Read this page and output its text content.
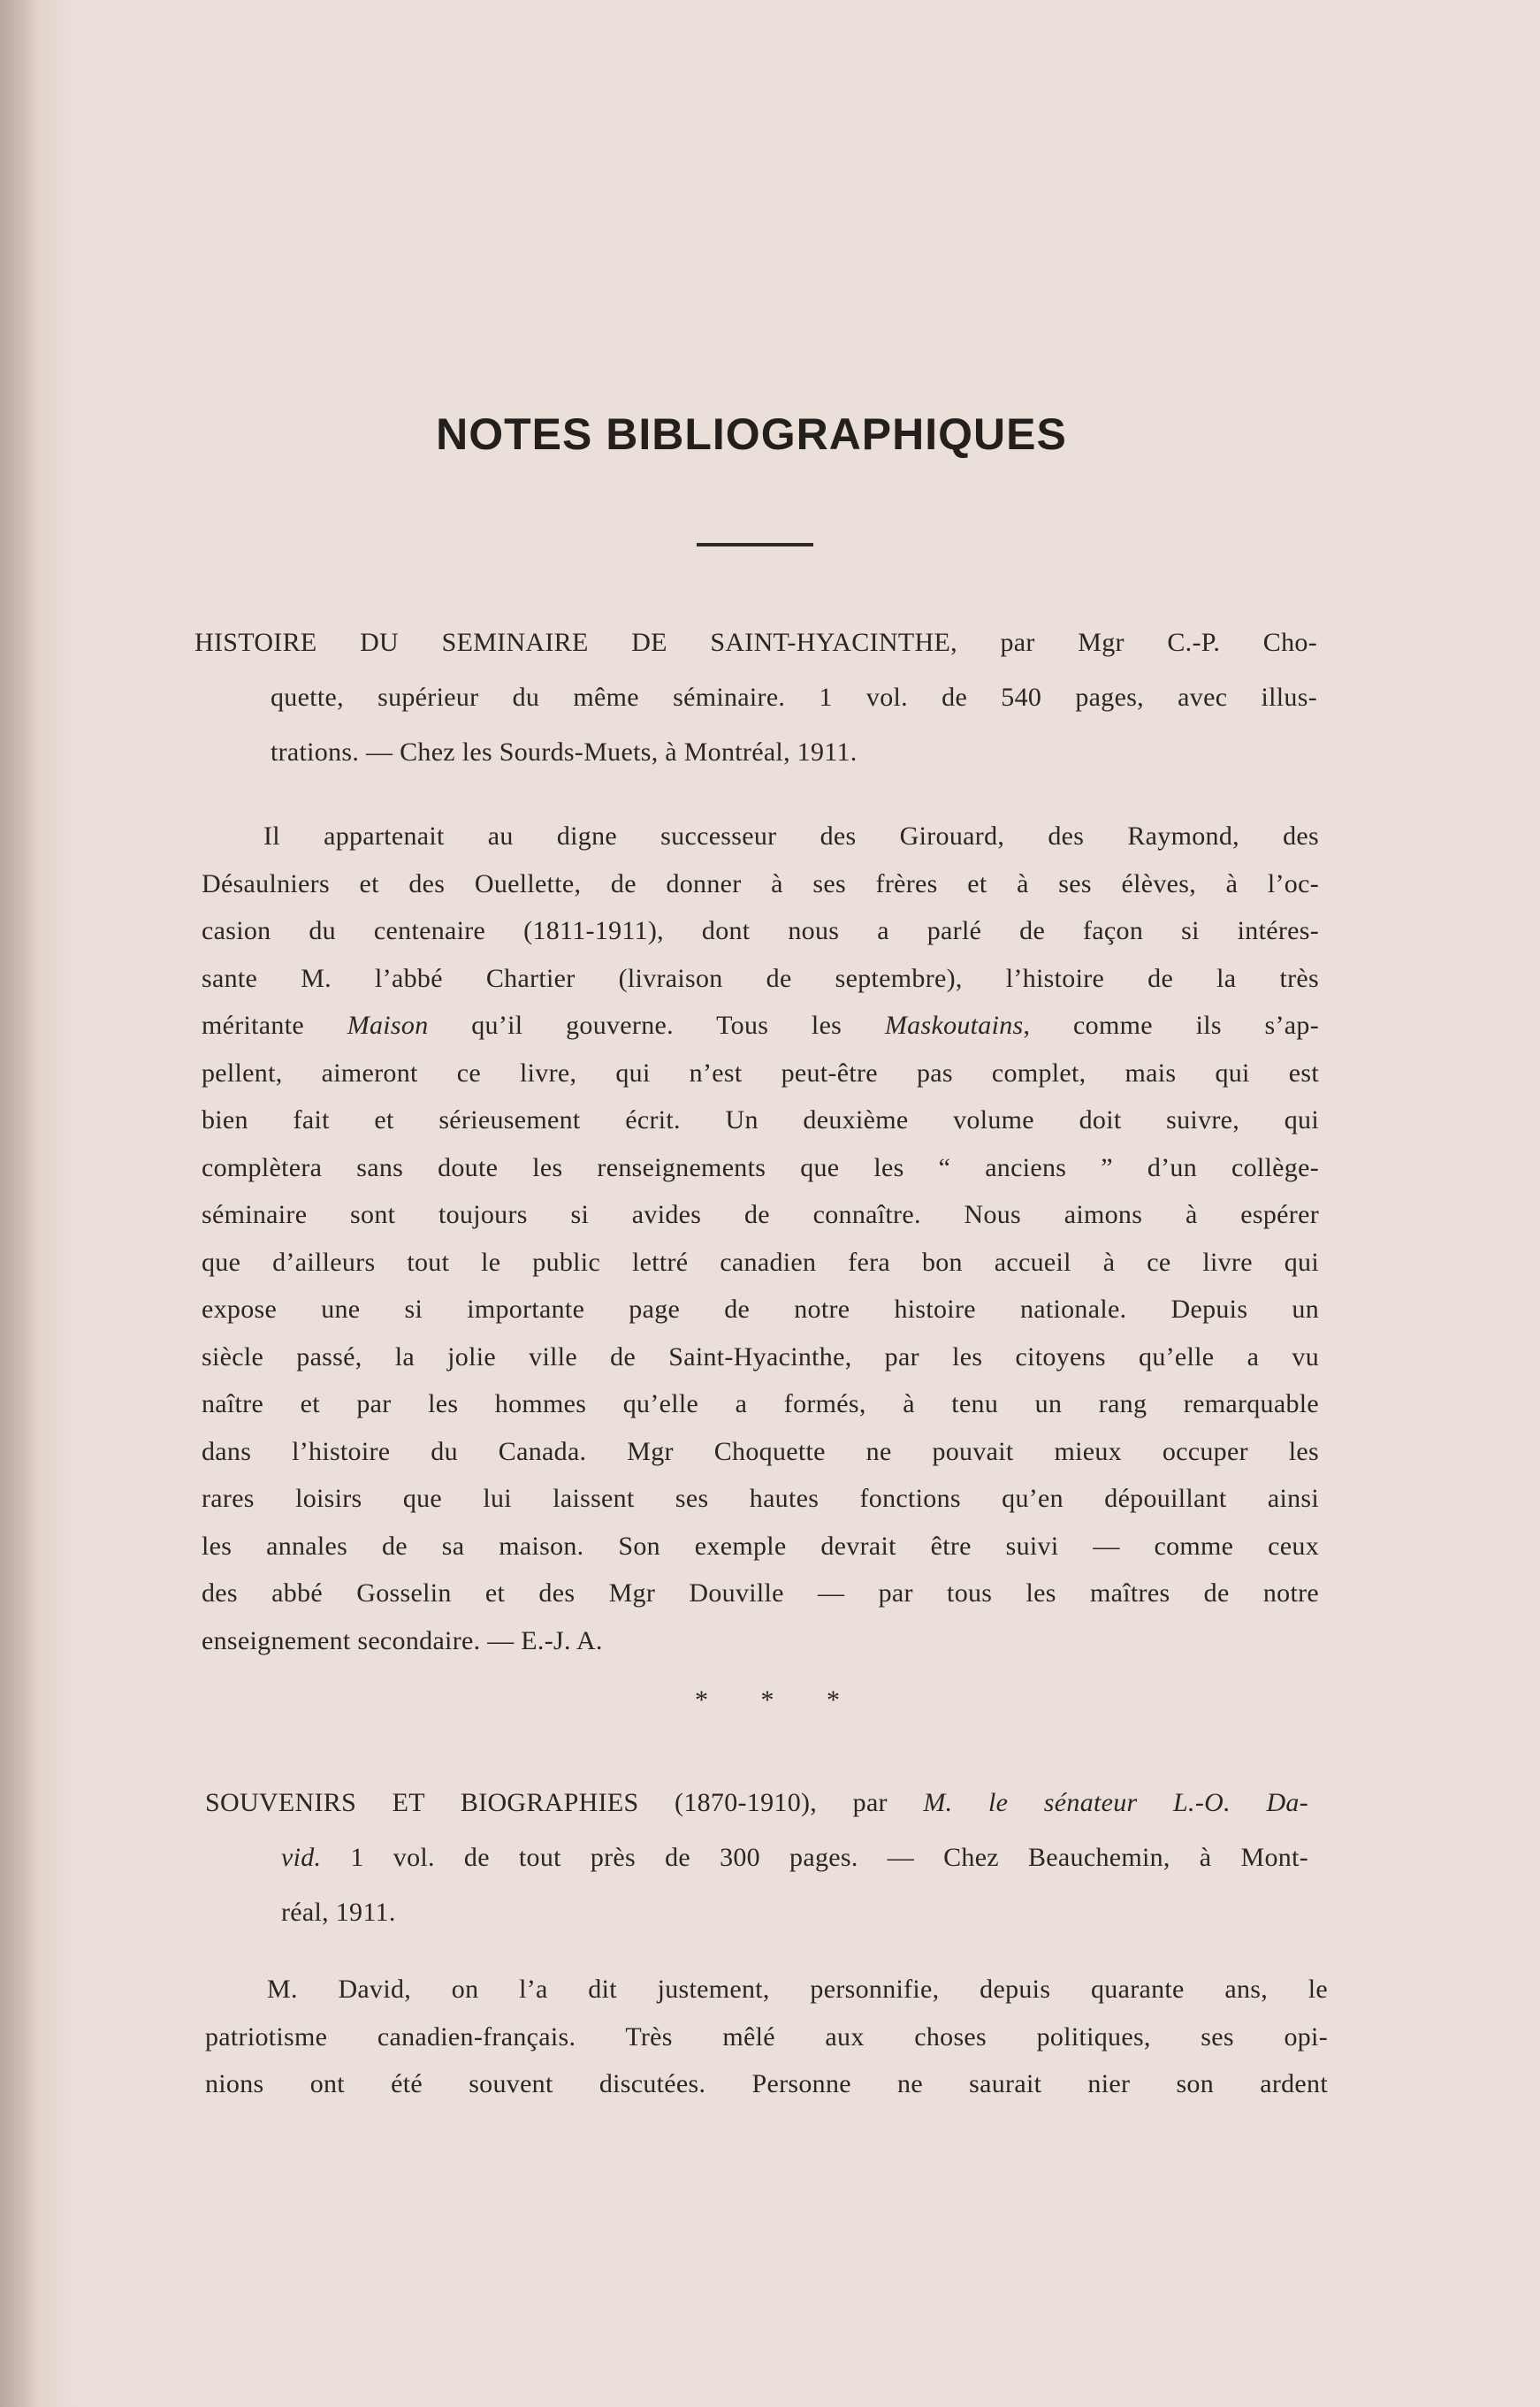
NOTES BIBLIOGRAPHIQUES
HISTOIRE DU SEMINAIRE DE SAINT-HYACINTHE, par Mgr C.-P. Cho-
quette, supérieur du même séminaire. 1 vol. de 540 pages, avec illus-
trations. — Chez les Sourds-Muets, à Montréal, 1911.
Il appartenait au digne successeur des Girouard, des Raymond, des
Désaulniers et des Ouellette, de donner à ses frères et à ses élèves, à l’oc-
casion du centenaire (1811-1911), dont nous a parlé de façon si intéres-
sante M. l’abbé Chartier (livraison de septembre), l’histoire de la très
méritante Maison qu’il gouverne. Tous les Maskoutains, comme ils s’ap-
pellent, aimeront ce livre, qui n’est peut-être pas complet, mais qui est
bien fait et sérieusement écrit. Un deuxième volume doit suivre, qui
complètera sans doute les renseignements que les “ anciens ” d’un collège-
séminaire sont toujours si avides de connaître. Nous aimons à espérer
que d’ailleurs tout le public lettré canadien fera bon accueil à ce livre qui
expose une si importante page de notre histoire nationale. Depuis un
siècle passé, la jolie ville de Saint-Hyacinthe, par les citoyens qu’elle a vu
naître et par les hommes qu’elle a formés, à tenu un rang remarquable
dans l’histoire du Canada. Mgr Choquette ne pouvait mieux occuper les
rares loisirs que lui laissent ses hautes fonctions qu’en dépouillant ainsi
les annales de sa maison. Son exemple devrait être suivi — comme ceux
des abbé Gosselin et des Mgr Douville — par tous les maîtres de notre
enseignement secondaire. — E.-J. A.
* * *
SOUVENIRS ET BIOGRAPHIES (1870-1910), par M. le sénateur L.-O. Da-
vid. 1 vol. de tout près de 300 pages. — Chez Beauchemin, à Mont-
réal, 1911.
M. David, on l’a dit justement, personnifie, depuis quarante ans, le
patriotisme canadien-français. Très mêlé aux choses politiques, ses opi-
nions ont été souvent discutées. Personne ne saurait nier son ardent
